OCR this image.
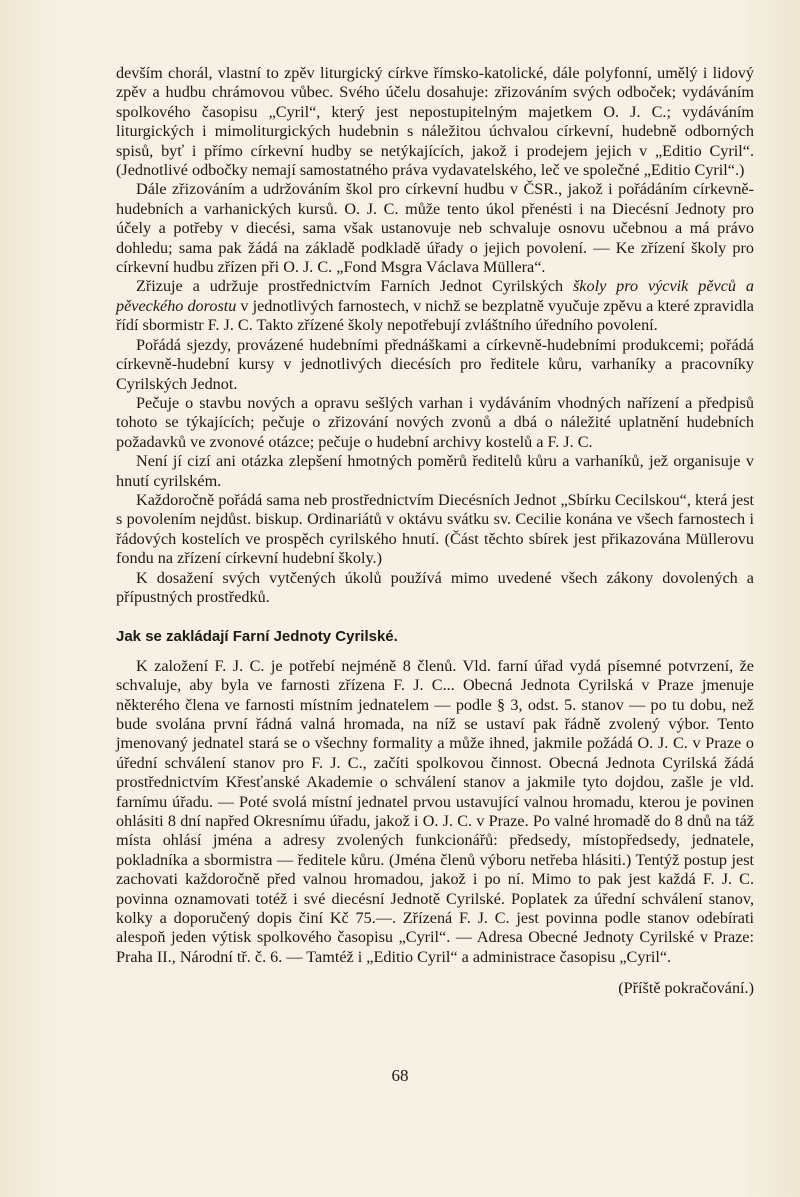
devším chorál, vlastní to zpěv liturgický církve římsko-katolické, dále polyfonní, umělý i lidový zpěv a hudbu chrámovou vůbec. Svého účelu dosahuje: zřizováním svých odboček; vydáváním spolkového časopisu „Cyril“, který jest nepostupitelným majetkem O. J. C.; vydáváním liturgických i mimoliturgických hudebnin s náležitou úchvalou církevní, hudebně odborných spisů, byť i přímo církevní hudby se netýkajících, jakož i prodejem jejich v „Editio Cyril“. (Jednotlivé odbočky nemají samostatného práva vydavatelského, leč ve společné „Editio Cyril“.)

Dále zřizováním a udržováním škol pro církevní hudbu v ČSR., jakož i pořádáním církevně-hudebních a varhanických kursů. O. J. C. může tento úkol přenésti i na Diecésní Jednoty pro účely a potřeby v diecési, sama však ustanovuje neb schvaluje osnovu učebnou a má právo dohledu; sama pak žádá na základě podkladě úřady o jejich povolení. — Ke zřízení školy pro církevní hudbu zřízen při O. J. C. „Fond Msgra Václava Müllera“.

Zřizuje a udržuje prostřednictvím Farních Jednot Cyrilských školy pro výcvik pěvců a pěveckého dorostu v jednotlivých farnostech, v nichž se bezplatně vyučuje zpěvu a které zpravidla řídí sbormistr F. J. C. Takto zřízené školy nepotřebují zvláštního úředního povolení.

Pořádá sjezdy, provázené hudebními přednáškami a církevně-hudebními produkcemi; pořádá církevně-hudební kursy v jednotlivých diecésích pro ředitele kůru, varhaníky a pracovníky Cyrilských Jednot.

Pečuje o stavbu nových a opravu sešlých varhan i vydáváním vhodných nařízení a předpisů tohoto se týkajících; pečuje o zřizování nových zvonů a dbá o náležité uplatnění hudebních požadavků ve zvonové otázce; pečuje o hudební archivy kostelů a F. J. C.

Není jí cizí ani otázka zlepšení hmotných poměrů ředitelů kůru a varhaníků, jež organisuje v hnutí cyrilském.

Každoročně pořádá sama neb prostřednictvím Diecésních Jednot „Sbírku Cecilskou“, která jest s povolením nejdůst. biskup. Ordinariátů v oktávu svátku sv. Cecilie konána ve všech farnostech i řádových kostelích ve prospěch cyrilského hnutí. (Část těchto sbírek jest přikazována Müllerovu fondu na zřízení církevní hudební školy.)

K dosažení svých vytčených úkolů používá mimo uvedené všech zákony dovolených a přípustných prostředků.

Jak se zakládají Farní Jednoty Cyrilské.

K založení F. J. C. je potřebí nejméně 8 členů. Vld. farní úřad vydá písemné potvrzení, že schvaluje, aby byla ve farnosti zřízena F. J. C... Obecná Jednota Cyrilská v Praze jmenuje některého člena ve farnosti místním jednatelem — podle § 3, odst. 5. stanov — po tu dobu, než bude svolána první řádná valná hromada, na níž se ustaví pak řádně zvolený výbor. Tento jmenovaný jednatel stará se o všechny formality a může ihned, jakmile požádá O. J. C. v Praze o úřední schválení stanov pro F. J. C., začíti spolkovou činnost. Obecná Jednota Cyrilská žádá prostřednictvím Křesťanské Akademie o schválení stanov a jakmile tyto dojdou, zašle je vld. farnímu úřadu. — Poté svolá místní jednatel prvou ustavující valnou hromadu, kterou je povinen ohlásiti 8 dní napřed Okresnímu úřadu, jakož i O. J. C. v Praze. Po valné hromadě do 8 dnů na táž místa ohlásí jména a adresy zvolených funkcionářů: předsedy, místopředsedy, jednatele, pokladníka a sbormistra — ředitele kůru. (Jména členů výboru netřeba hlásiti.) Tentýž postup jest zachovati každoročně před valnou hromadou, jakož i po ní. Mimo to pak jest každá F. J. C. povinna oznamovati totéž i své diecésní Jednotě Cyrilské. Poplatek za úřední schválení stanov, kolky a doporučený dopis činí Kč 75.—. Zřízená F. J. C. jest povinna podle stanov odebírati alespoň jeden výtisk spolkového časopisu „Cyril“. — Adresa Obecné Jednoty Cyrilské v Praze: Praha II., Národní tř. č. 6. — Tamtéž i „Editio Cyril“ a administrace časopisu „Cyril“.

(Příště pokračování.)

68
